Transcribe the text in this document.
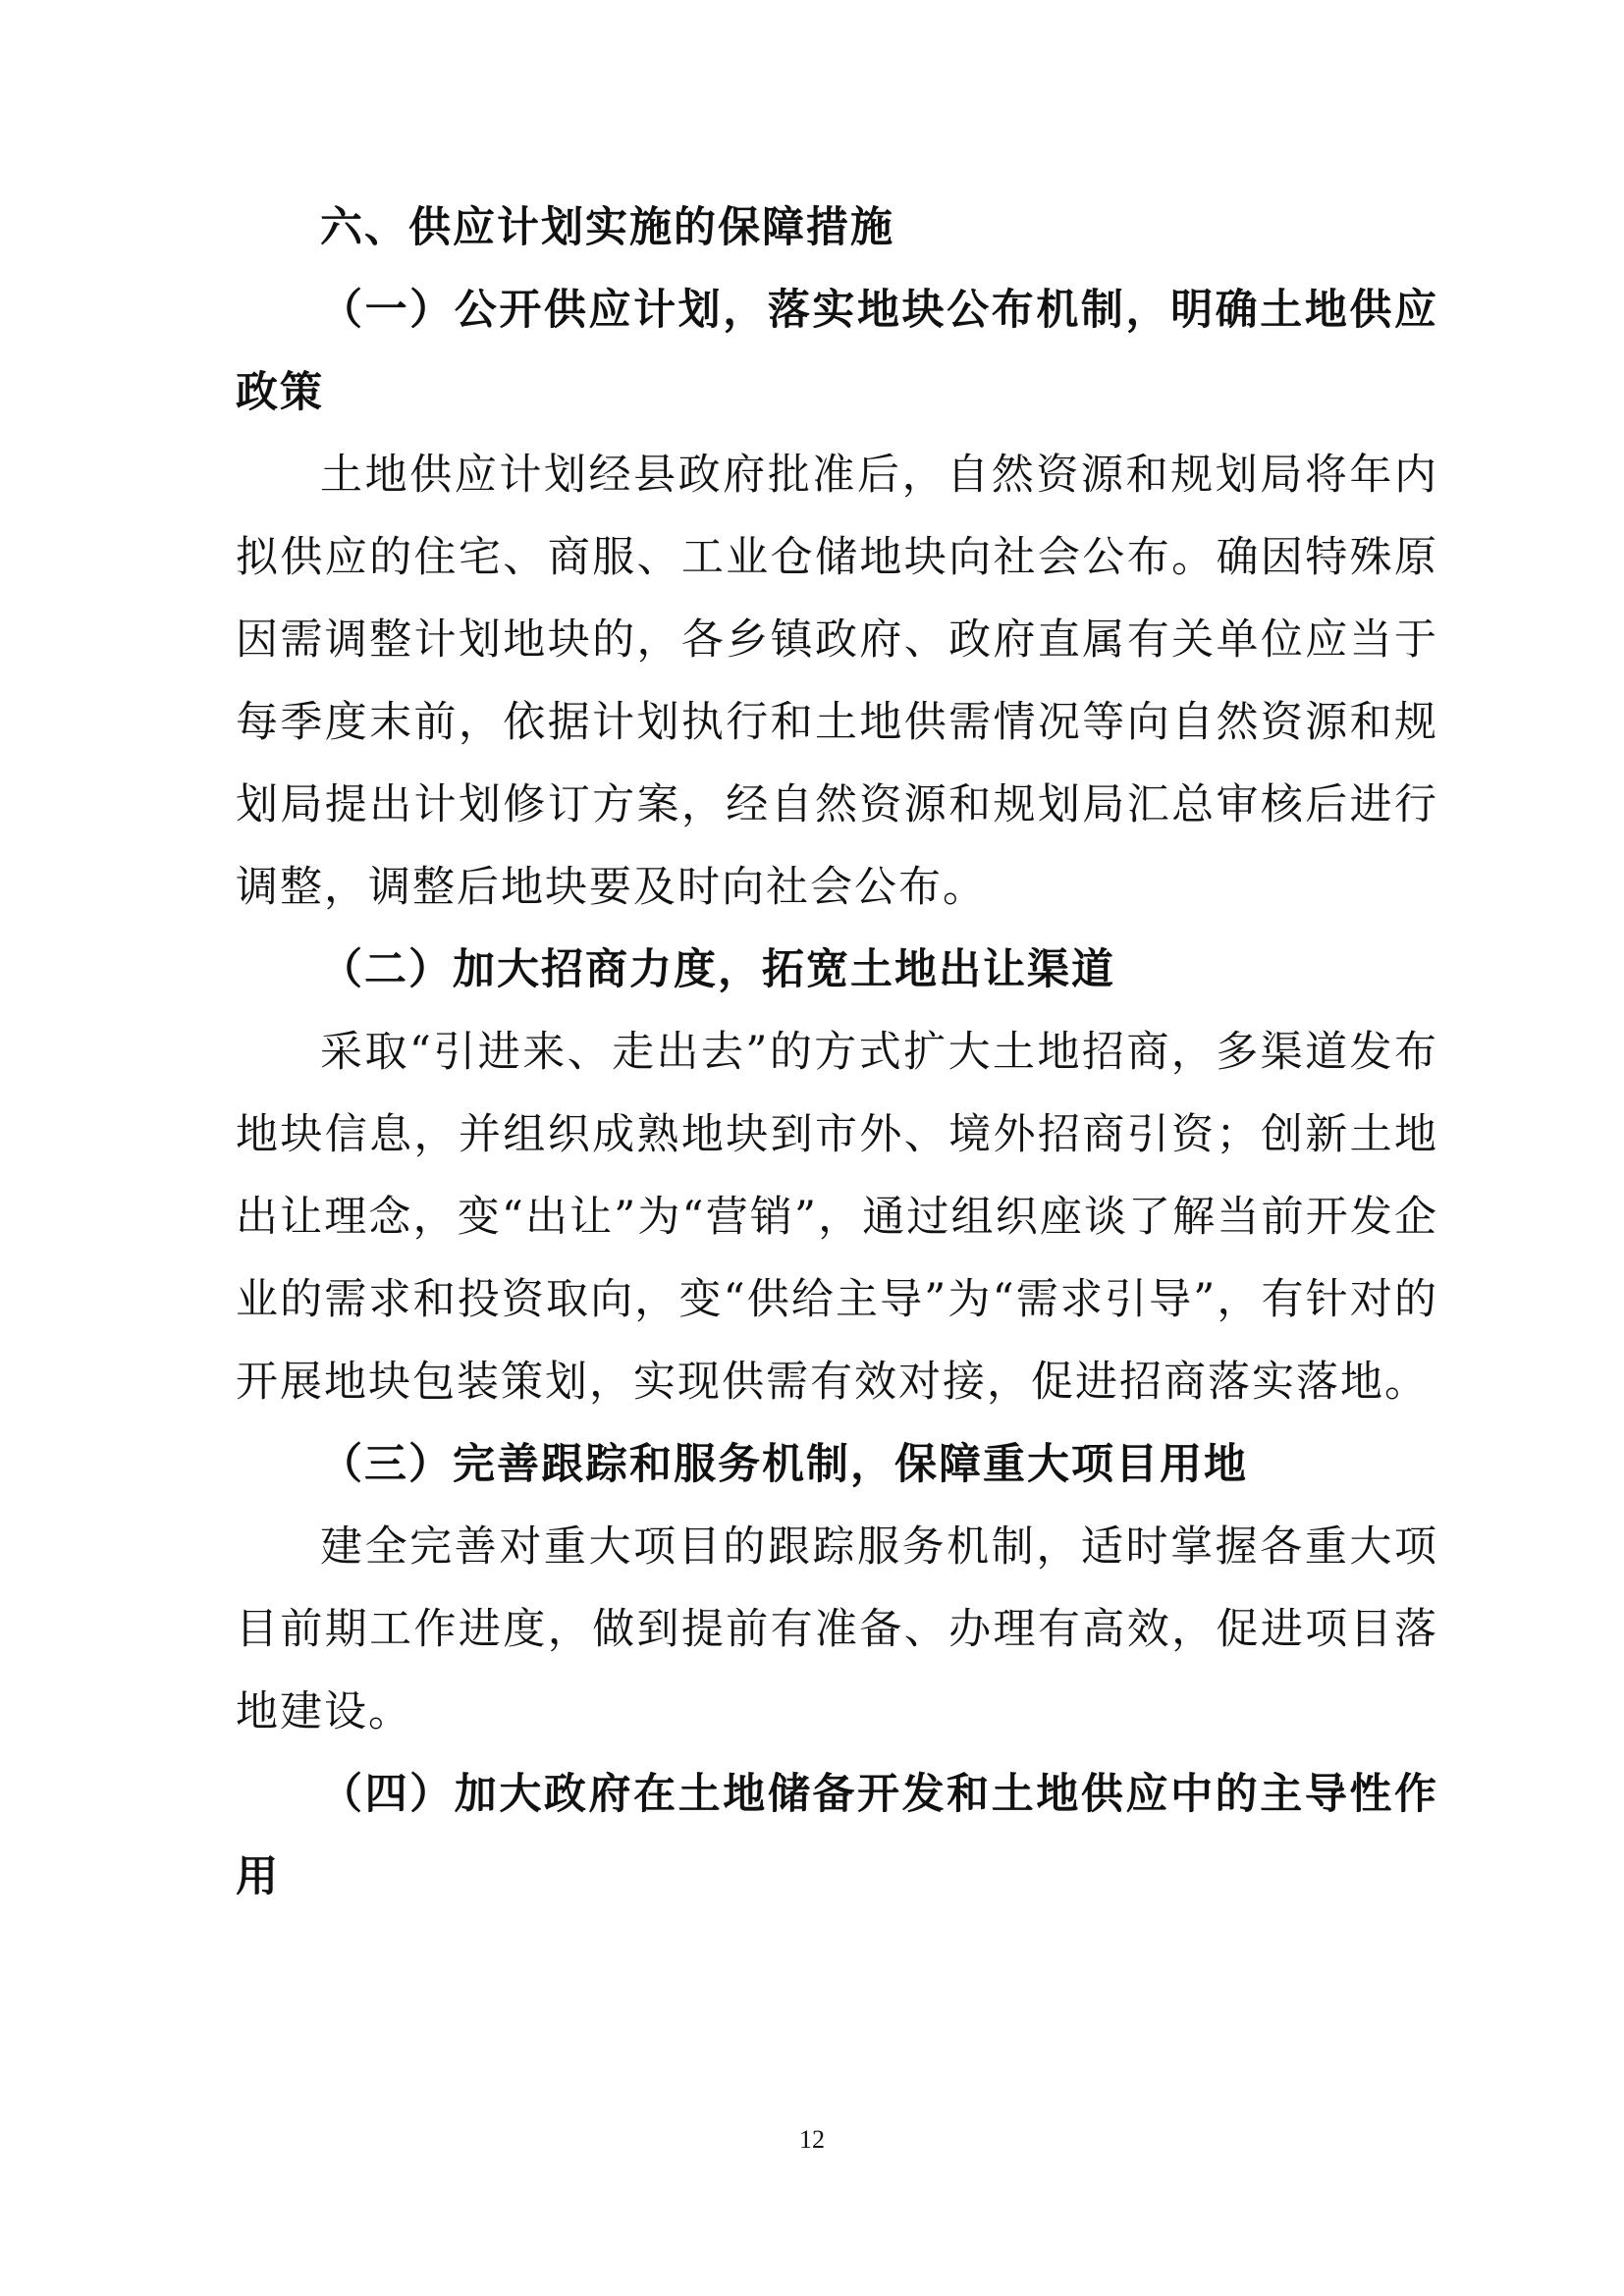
六、供应计划实施的保障措施

（一）公开供应计划，落实地块公布机制，明确土地供应政策

土地供应计划经县政府批准后，自然资源和规划局将年内拟供应的住宅、商服、工业仓储地块向社会公布。确因特殊原因需调整计划地块的，各乡镇政府、政府直属有关单位应当于每季度末前，依据计划执行和土地供需情况等向自然资源和规划局提出计划修订方案，经自然资源和规划局汇总审核后进行调整，调整后地块要及时向社会公布。

（二）加大招商力度，拓宽土地出让渠道

采取“引进来、走出去”的方式扩大土地招商，多渠道发布地块信息，并组织成熟地块到市外、境外招商引资；创新土地出让理念，变“出让”为“营销”，通过组织座谈了解当前开发企业的需求和投资取向，变“供给主导”为“需求引导”，有针对的开展地块包装策划，实现供需有效对接，促进招商落实落地。

（三）完善跟踪和服务机制，保障重大项目用地

建全完善对重大项目的跟踪服务机制，适时掌握各重大项目前期工作进度，做到提前有准备、办理有高效，促进项目落地建设。

（四）加大政府在土地储备开发和土地供应中的主导性作用

12
